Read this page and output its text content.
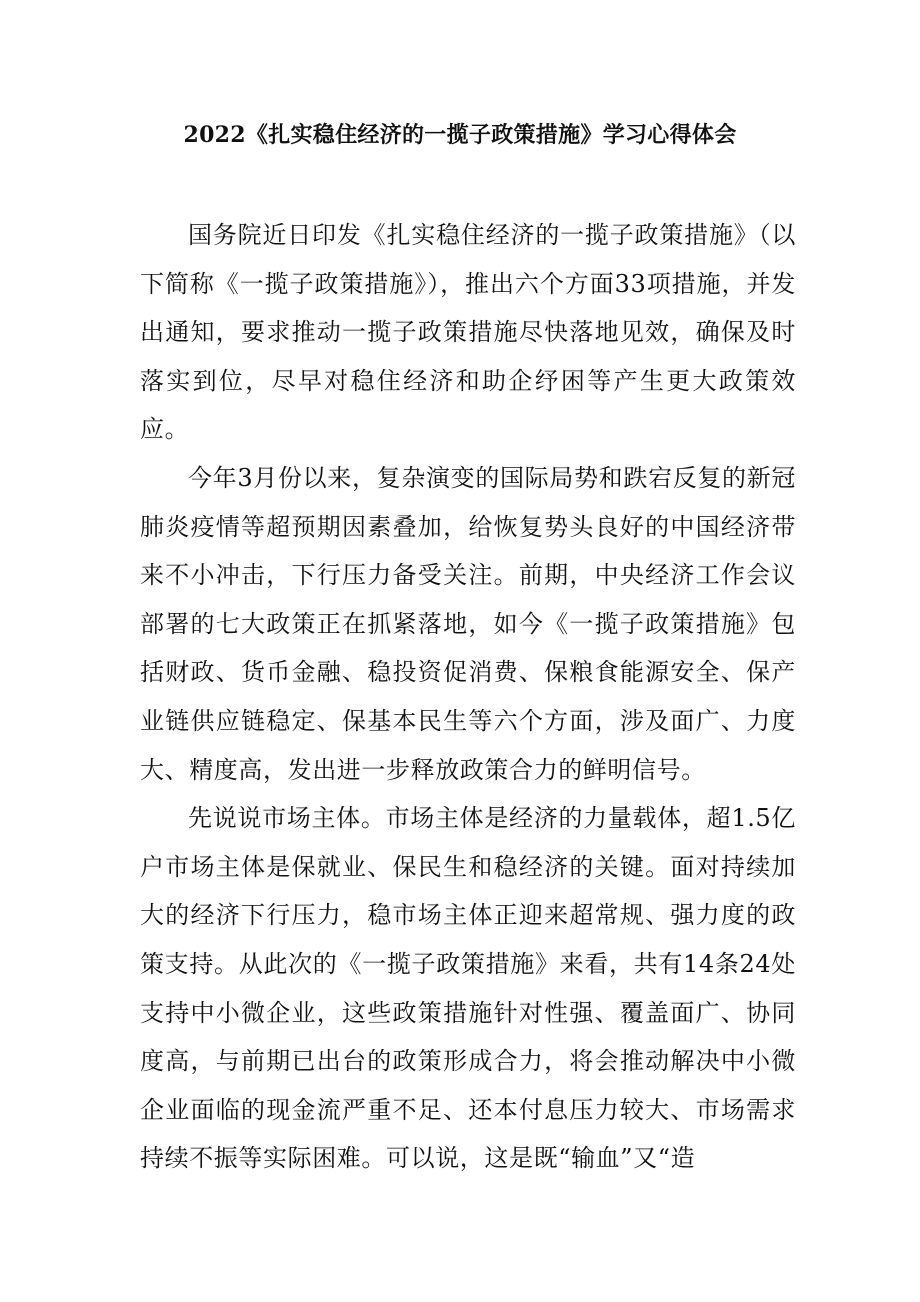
2022《扎实稳住经济的一揽子政策措施》学习心得体会

国务院近日印发《扎实稳住经济的一揽子政策措施》（以下简称《一揽子政策措施》），推出六个方面33项措施，并发出通知，要求推动一揽子政策措施尽快落地见效，确保及时落实到位，尽早对稳住经济和助企纾困等产生更大政策效应。

今年3月份以来，复杂演变的国际局势和跌宕反复的新冠肺炎疫情等超预期因素叠加，给恢复势头良好的中国经济带来不小冲击，下行压力备受关注。前期，中央经济工作会议部署的七大政策正在抓紧落地，如今《一揽子政策措施》包括财政、货币金融、稳投资促消费、保粮食能源安全、保产业链供应链稳定、保基本民生等六个方面，涉及面广、力度大、精度高，发出进一步释放政策合力的鲜明信号。

先说说市场主体。市场主体是经济的力量载体，超1.5亿户市场主体是保就业、保民生和稳经济的关键。面对持续加大的经济下行压力，稳市场主体正迎来超常规、强力度的政策支持。从此次的《一揽子政策措施》来看，共有14条24处支持中小微企业，这些政策措施针对性强、覆盖面广、协同度高，与前期已出台的政策形成合力，将会推动解决中小微企业面临的现金流严重不足、还本付息压力较大、市场需求持续不振等实际困难。可以说，这是既“输血”又“造
